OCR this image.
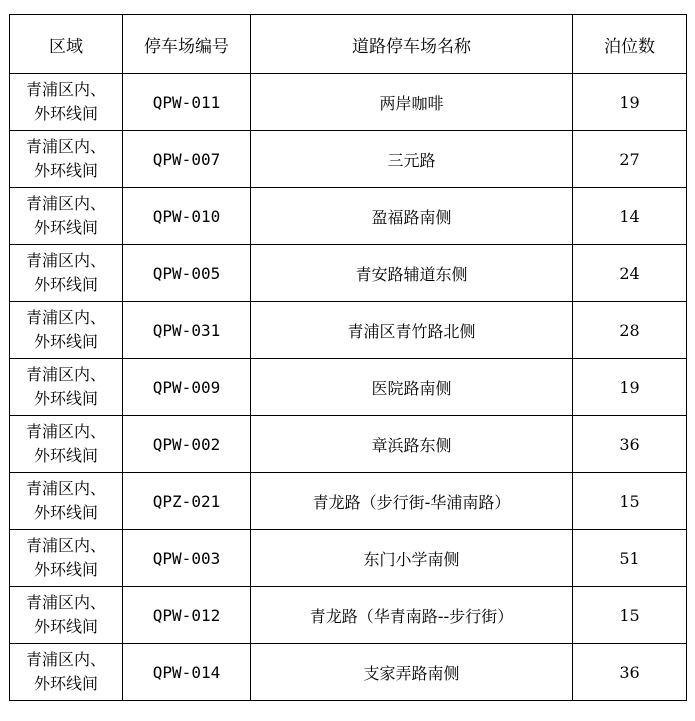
区域	停车场编号	道路停车场名称	泊位数

青浦区内、
外环线间	QPW-011	两岸咖啡	19

青浦区内、
外环线间	QPW-007	三元路	27

青浦区内、
外环线间	QPW-010	盈福路南侧	14

青浦区内、
外环线间	QPW-005	青安路辅道东侧	24

青浦区内、
外环线间	QPW-031	青浦区青竹路北侧	28

青浦区内、
外环线间	QPW-009	医院路南侧	19

青浦区内、
外环线间	QPW-002	章浜路东侧	36

青浦区内、
外环线间	QPZ-021	青龙路（步行街-华浦南路）	15

青浦区内、
外环线间	QPW-003	东门小学南侧	51

青浦区内、
外环线间	QPW-012	青龙路（华青南路--步行街）	15

青浦区内、
外环线间	QPW-014	支家弄路南侧	36
